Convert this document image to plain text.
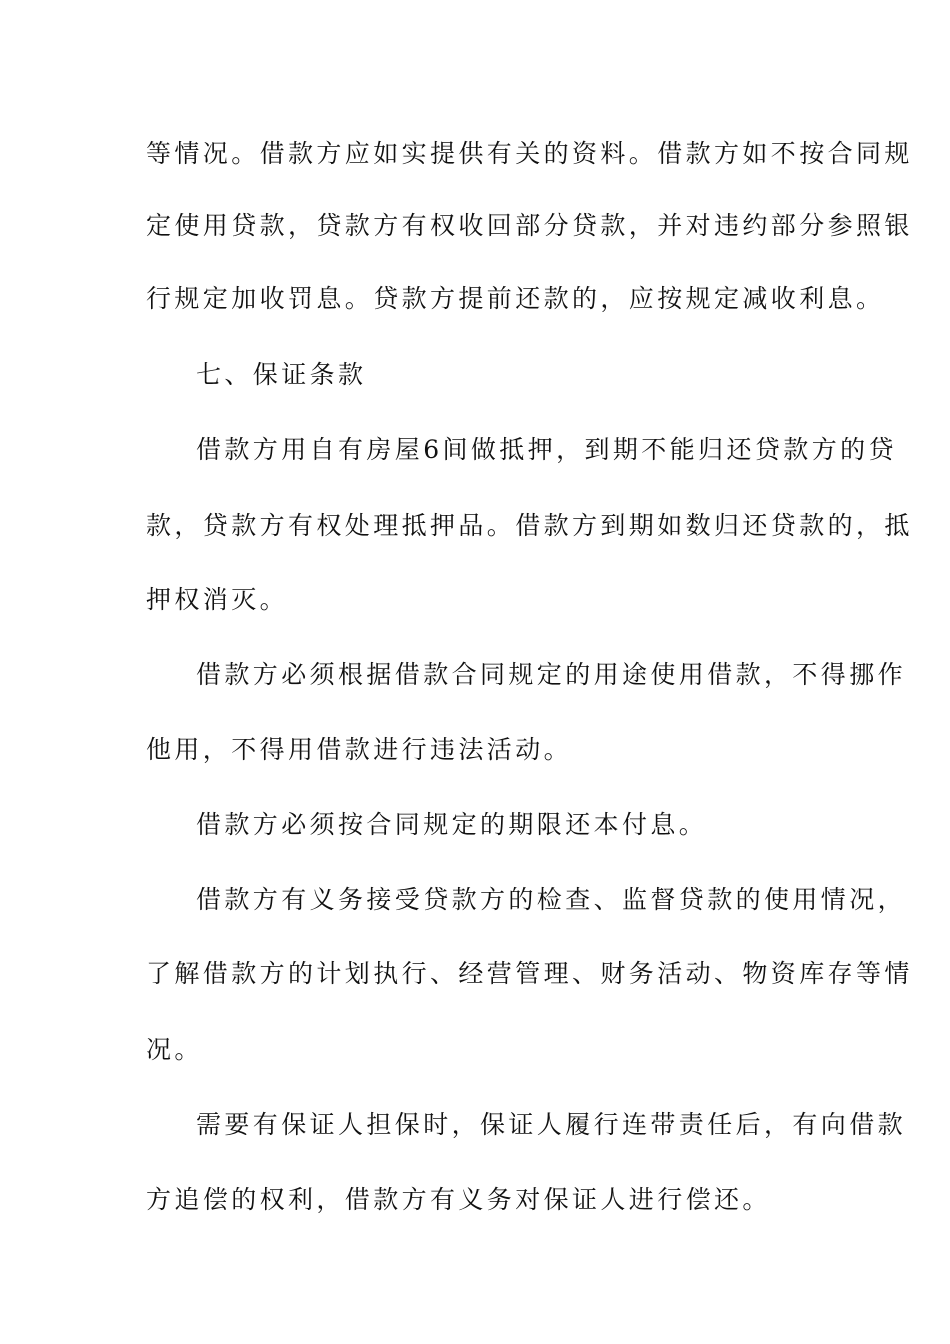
等情况。借款方应如实提供有关的资料。借款方如不按合同规
定使用贷款，贷款方有权收回部分贷款，并对违约部分参照银
行规定加收罚息。贷款方提前还款的，应按规定减收利息。
七、保证条款
借款方用自有房屋6间做抵押，到期不能归还贷款方的贷
款，贷款方有权处理抵押品。借款方到期如数归还贷款的，抵
押权消灭。
借款方必须根据借款合同规定的用途使用借款，不得挪作
他用，不得用借款进行违法活动。
借款方必须按合同规定的期限还本付息。
借款方有义务接受贷款方的检查、监督贷款的使用情况，
了解借款方的计划执行、经营管理、财务活动、物资库存等情
况。
需要有保证人担保时，保证人履行连带责任后，有向借款
方追偿的权利，借款方有义务对保证人进行偿还。
